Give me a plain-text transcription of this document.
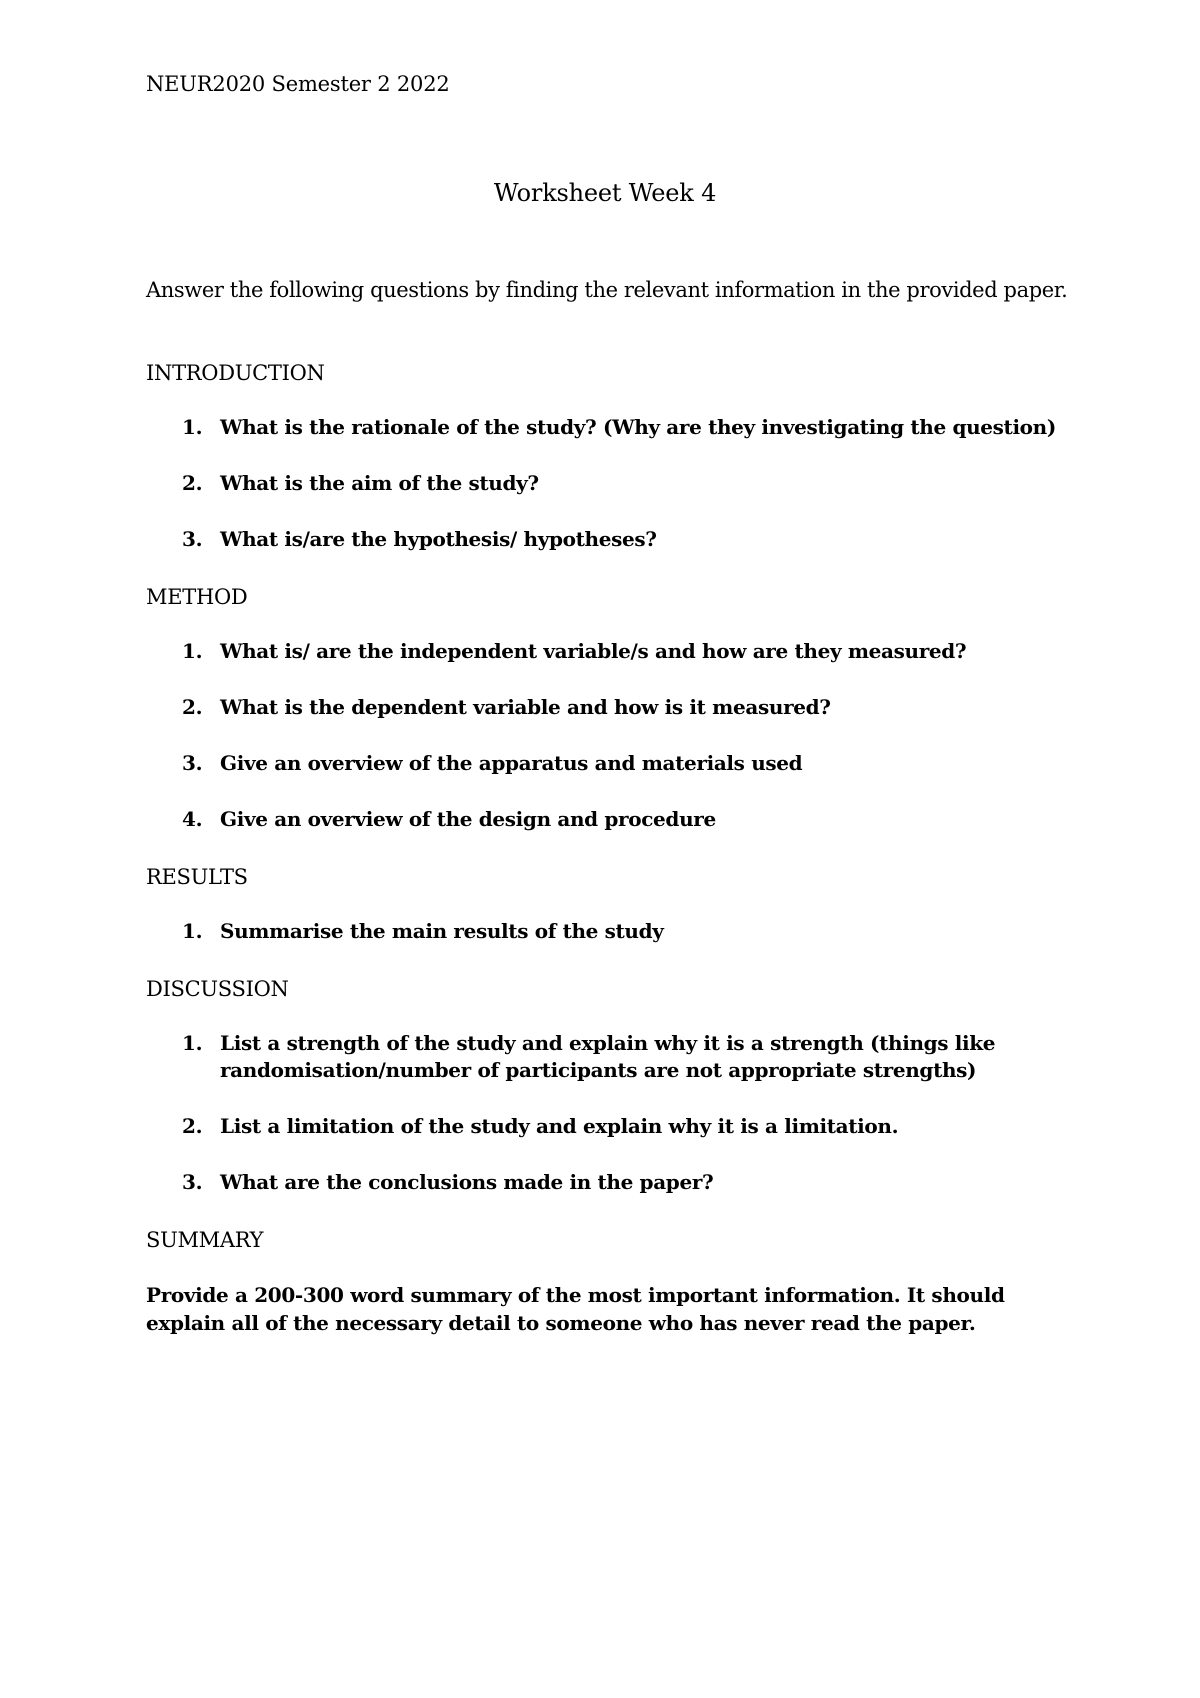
NEUR2020 Semester 2 2022
Worksheet Week 4
Answer the following questions by finding the relevant information in the provided paper.
INTRODUCTION
1. What is the rationale of the study? (Why are they investigating the question)
2. What is the aim of the study?
3. What is/are the hypothesis/ hypotheses?
METHOD
1. What is/ are the independent variable/s and how are they measured?
2. What is the dependent variable and how is it measured?
3. Give an overview of the apparatus and materials used
4. Give an overview of the design and procedure
RESULTS
1. Summarise the main results of the study
DISCUSSION
1. List a strength of the study and explain why it is a strength (things like randomisation/number of participants are not appropriate strengths)
2. List a limitation of the study and explain why it is a limitation.
3. What are the conclusions made in the paper?
SUMMARY

Provide a 200-300 word summary of the most important information. It should explain all of the necessary detail to someone who has never read the paper.
